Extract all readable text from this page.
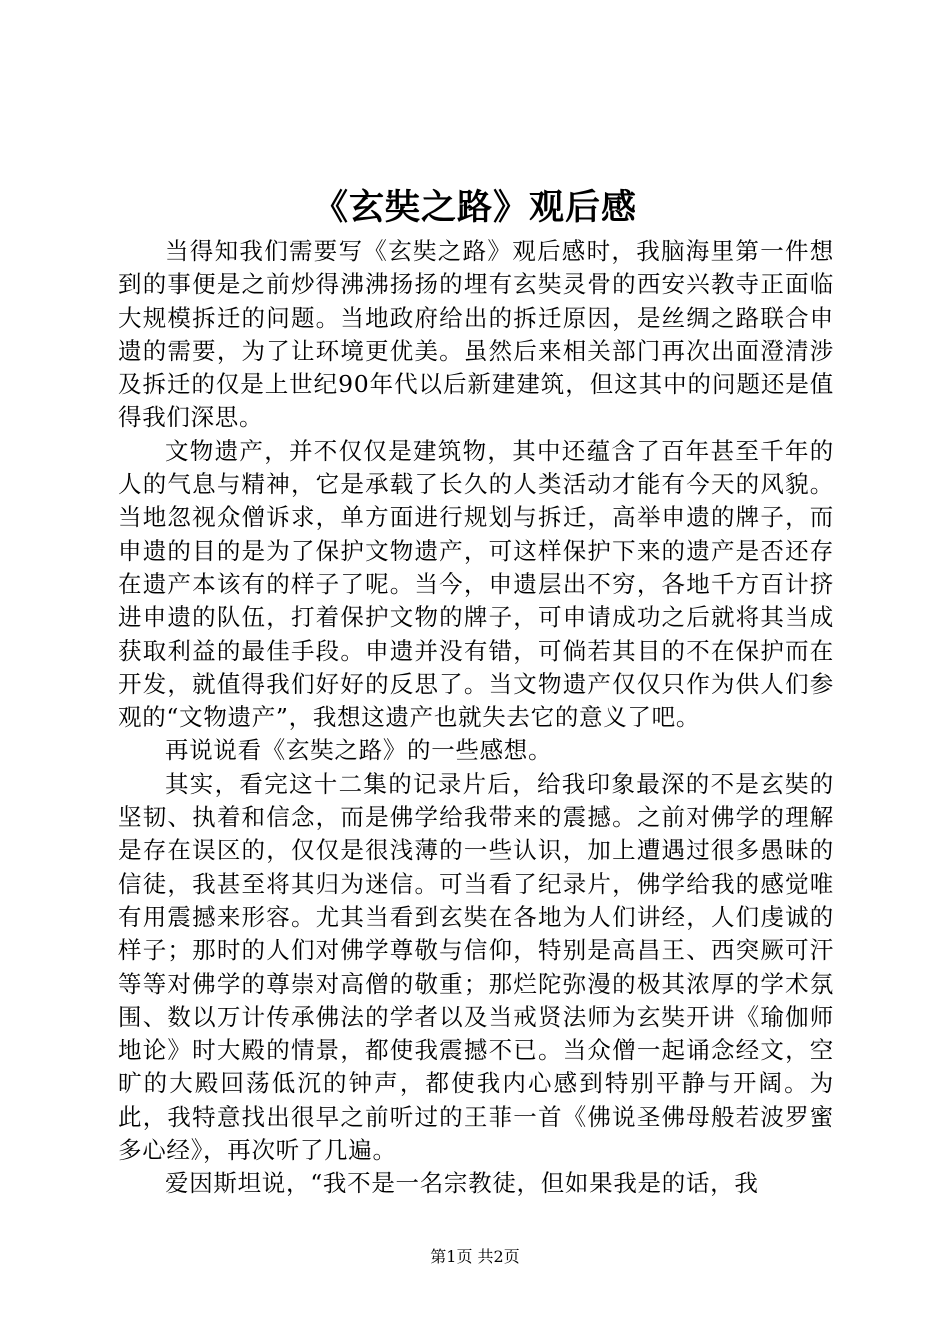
《玄奘之路》观后感

当得知我们需要写《玄奘之路》观后感时，我脑海里第一件想到的事便是之前炒得沸沸扬扬的埋有玄奘灵骨的西安兴教寺正面临大规模拆迁的问题。当地政府给出的拆迁原因，是丝绸之路联合申遗的需要，为了让环境更优美。虽然后来相关部门再次出面澄清涉及拆迁的仅是上世纪90年代以后新建建筑，但这其中的问题还是值得我们深思。

文物遗产，并不仅仅是建筑物，其中还蕴含了百年甚至千年的人的气息与精神，它是承载了长久的人类活动才能有今天的风貌。当地忽视众僧诉求，单方面进行规划与拆迁，高举申遗的牌子，而申遗的目的是为了保护文物遗产，可这样保护下来的遗产是否还存在遗产本该有的样子了呢。当今，申遗层出不穷，各地千方百计挤进申遗的队伍，打着保护文物的牌子，可申请成功之后就将其当成获取利益的最佳手段。申遗并没有错，可倘若其目的不在保护而在开发，就值得我们好好的反思了。当文物遗产仅仅只作为供人们参观的“文物遗产”，我想这遗产也就失去它的意义了吧。

再说说看《玄奘之路》的一些感想。

其实，看完这十二集的记录片后，给我印象最深的不是玄奘的坚韧、执着和信念，而是佛学给我带来的震撼。之前对佛学的理解是存在误区的，仅仅是很浅薄的一些认识，加上遭遇过很多愚昧的信徒，我甚至将其归为迷信。可当看了纪录片，佛学给我的感觉唯有用震撼来形容。尤其当看到玄奘在各地为人们讲经，人们虔诚的样子；那时的人们对佛学尊敬与信仰，特别是高昌王、西突厥可汗等等对佛学的尊崇对高僧的敬重；那烂陀弥漫的极其浓厚的学术氛围、数以万计传承佛法的学者以及当戒贤法师为玄奘开讲《瑜伽师地论》时大殿的情景，都使我震撼不已。当众僧一起诵念经文，空旷的大殿回荡低沉的钟声，都使我内心感到特别平静与开阔。为此，我特意找出很早之前听过的王菲一首《佛说圣佛母般若波罗蜜多心经》，再次听了几遍。

爱因斯坦说，“我不是一名宗教徒，但如果我是的话，我

第1页 共2页
